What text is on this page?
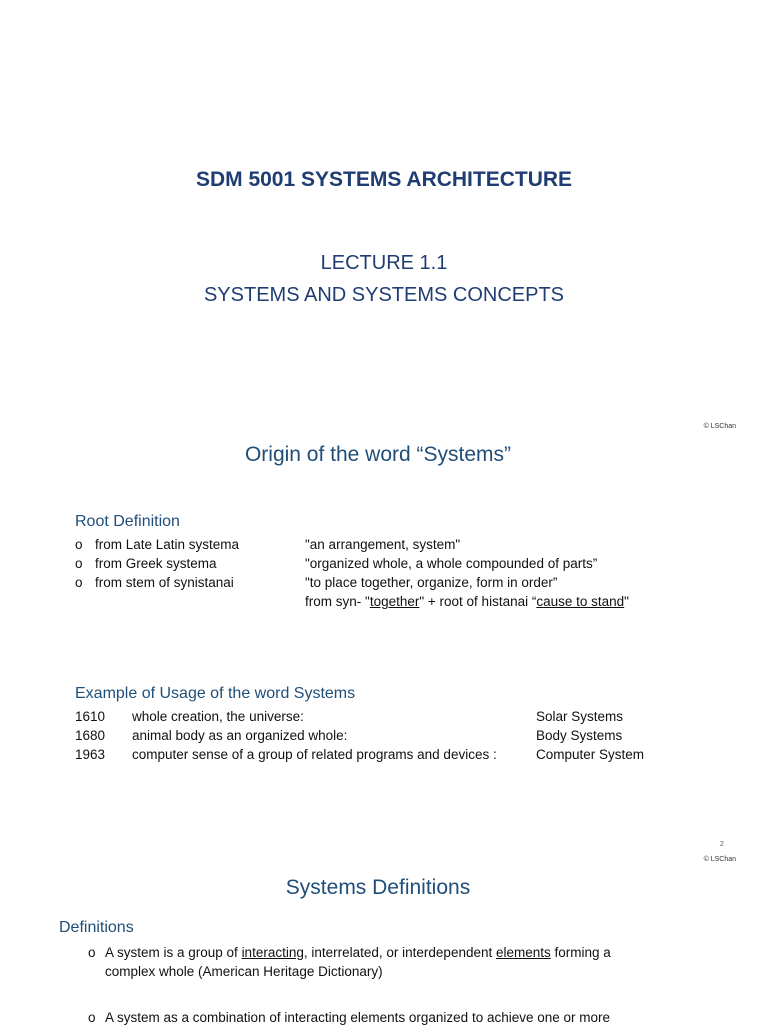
SDM 5001 SYSTEMS ARCHITECTURE
LECTURE 1.1
SYSTEMS AND SYSTEMS CONCEPTS
© LSChan
Origin of the word “Systems”
Root Definition
o from Late Latin systema	"an arrangement, system"
o from Greek systema	"organized whole, a whole compounded of parts”
o from stem of synistanai	"to place together, organize, form in order”
from syn- "together" + root of histanai “cause to stand"
Example of Usage of the word Systems
1610 whole creation, the universe:	Solar Systems
1680 animal body as an organized whole:	Body Systems
1963 computer sense of a group of related programs and devices :	Computer System
2
© LSChan
Systems Definitions
Definitions
o A system is a group of interacting, interrelated, or interdependent elements forming a
complex whole (American Heritage Dictionary)
o A system as a combination of interacting elements organized to achieve one or more
